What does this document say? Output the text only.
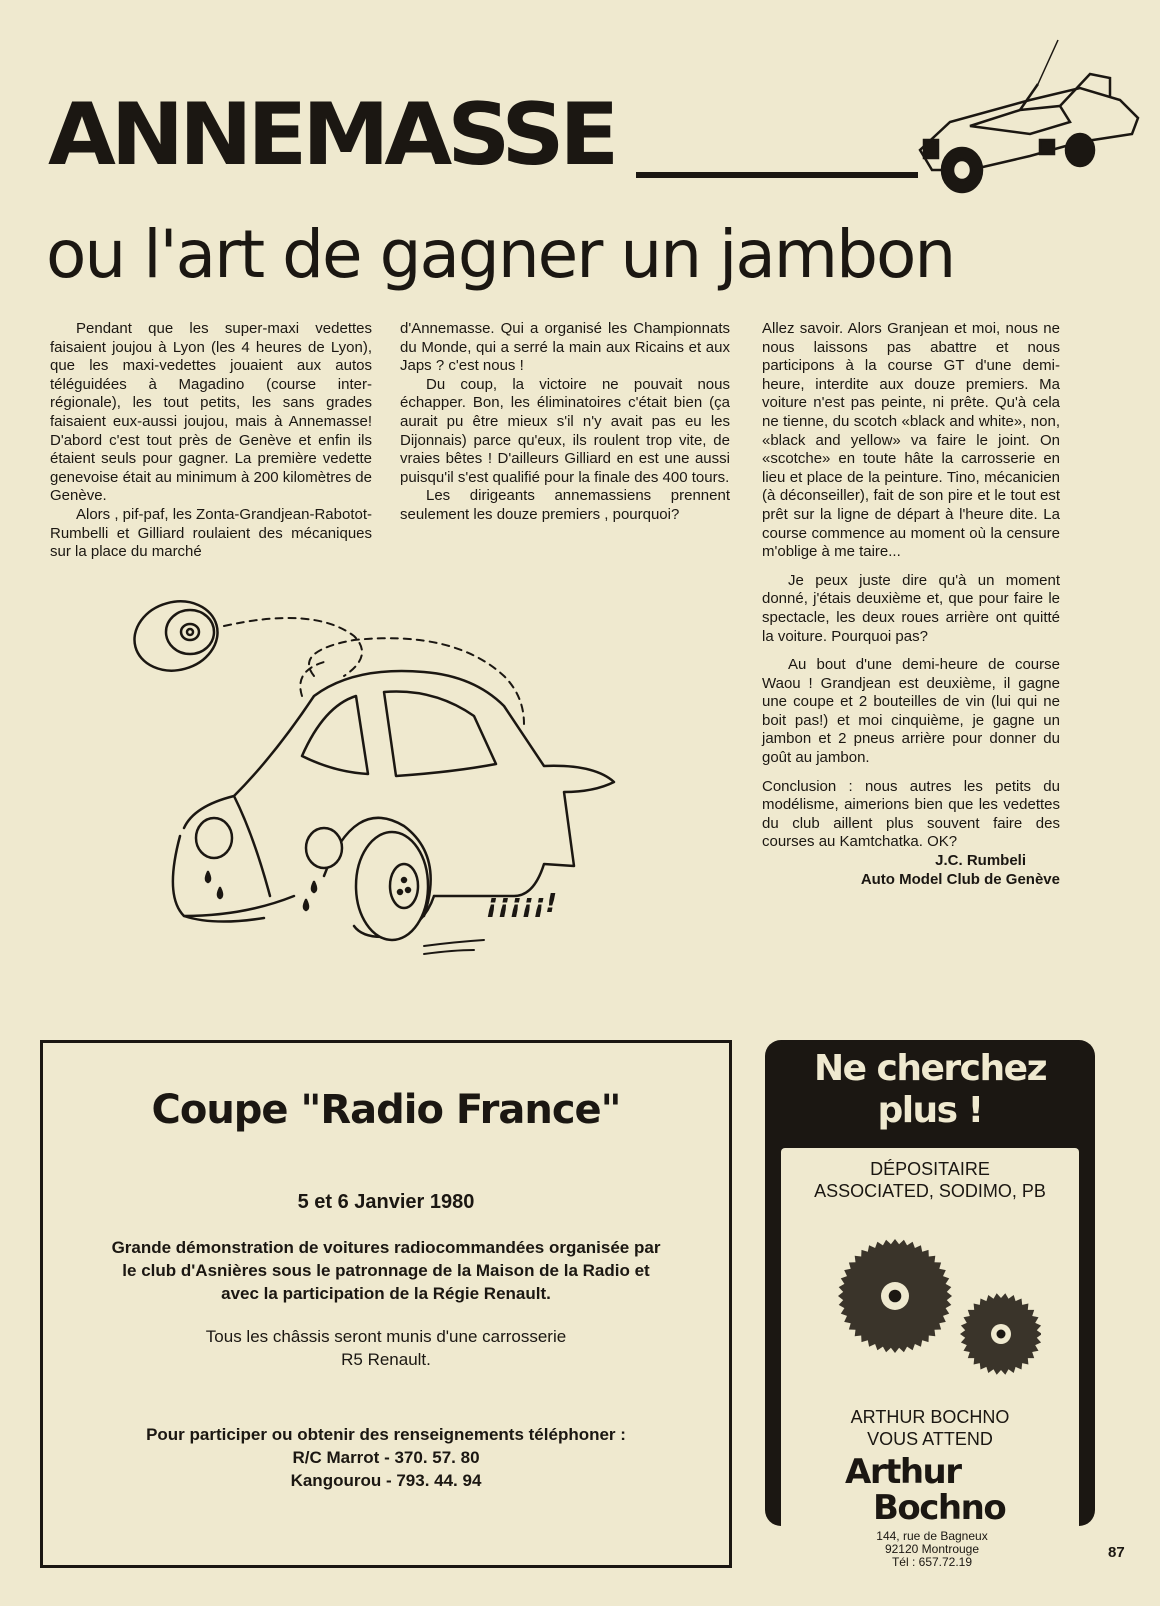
ANNEMASSE
ou l'art de gagner un jambon

Pendant que les super-maxi vedettes faisaient joujou à Lyon (les 4 heures de Lyon), que les maxi-vedettes jouaient aux autos téléguidées à Magadino (course inter-régionale), les tout petits, les sans grades faisaient eux-aussi joujou, mais à Annemasse! D'abord c'est tout près de Genève et enfin ils étaient seuls pour gagner. La première vedette genevoise était au minimum à 200 kilomètres de Genève.

Alors , pif-paf, les Zonta-Grandjean-Rabotot-Rumbelli et Gilliard roulaient des mécaniques sur la place du marché

d'Annemasse. Qui a organisé les Championnats du Monde, qui a serré la main aux Ricains et aux Japs ? c'est nous !

Du coup, la victoire ne pouvait nous échapper. Bon, les éliminatoires c'était bien (ça aurait pu être mieux s'il n'y avait pas eu les Dijonnais) parce qu'eux, ils roulent trop vite, de vraies bêtes ! D'ailleurs Gilliard en est une aussi puisqu'il s'est qualifié pour la finale des 400 tours.

Les dirigeants annemassiens prennent seulement les douze premiers , pourquoi?

Allez savoir. Alors Granjean et moi, nous ne nous laissons pas abattre et nous participons à la course GT d'une demi-heure, interdite aux douze premiers. Ma voiture n'est pas peinte, ni prête. Qu'à cela ne tienne, du scotch «black and white», non, «black and yellow» va faire le joint. On «scotche» en toute hâte la carrosserie en lieu et place de la peinture. Tino, mécanicien (à déconseiller), fait de son pire et le tout est prêt sur la ligne de départ à l'heure dite. La course commence au moment où la censure m'oblige à me taire...

Je peux juste dire qu'à un moment donné, j'étais deuxième et, que pour faire le spectacle, les deux roues arrière ont quitté la voiture. Pourquoi pas?

Au bout d'une demi-heure de course Waou ! Grandjean est deuxième, il gagne une coupe et 2 bouteilles de vin (lui qui ne boit pas!) et moi cinquième, je gagne un jambon et 2 pneus arrière pour donner du goût au jambon.

Conclusion : nous autres les petits du modélisme, aimerions bien que les vedettes du club aillent plus souvent faire des courses au Kamtchatka. OK?

J.C. Rumbeli

Auto Model Club de Genève

¡¡¡¡¡!
Coupe "Radio France"
5 et 6 Janvier 1980
Grande démonstration de voitures radiocommandées organisée par le club d'Asnières sous le patronnage de la Maison de la Radio et avec la participation de la Régie Renault.
Tous les châssis seront munis d'une carrosserie R5 Renault.
Pour participer ou obtenir des renseignements téléphoner :
R/C Marrot - 370. 57. 80
Kangourou - 793. 44. 94
Ne cherchez
plus !
DÉPOSITAIRE
ASSOCIATED, SODIMO, PB
ARTHUR BOCHNO
VOUS ATTEND
Arthur
Bochno
144, rue de Bagneux
92120 Montrouge
Tél : 657.72.19
87
